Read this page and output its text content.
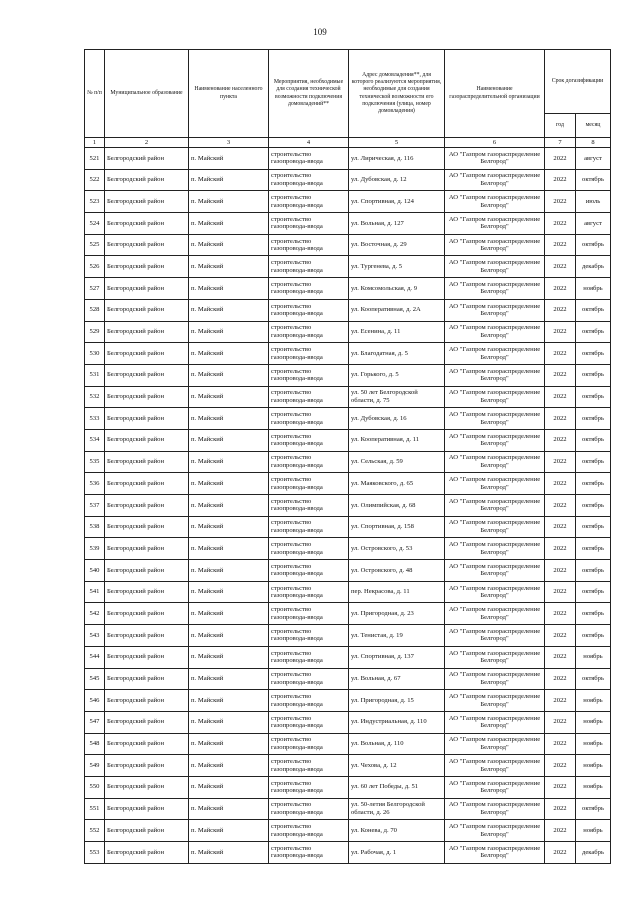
109
№ п/п	Муниципальное образование	Наименование населенного пункта	Мероприятия, необходимые для создания технической возможности подключения домовладений**	Адрес домовладения**, для которого реализуются мероприятия, необходимые для создания технической возможности его подключения (улица, номер домовладения)	Наименование газораспределительной организации	Срок догазификации	
						год	месяц
1	2	3	4	5	6	7	8
521	Белгородский район	п. Майский	строительство газопровода-ввода	ул. Лирическая, д. 116	АО "Газпром газораспределение Белгород"	2022	август
522	Белгородский район	п. Майский	строительство газопровода-ввода	ул. Дубовская, д. 12	АО "Газпром газораспределение Белгород"	2022	октябрь
523	Белгородский район	п. Майский	строительство газопровода-ввода	ул. Спортивная, д. 124	АО "Газпром газораспределение Белгород"	2022	июль
524	Белгородский район	п. Майский	строительство газопровода-ввода	ул. Вольная, д. 127	АО "Газпром газораспределение Белгород"	2022	август
525	Белгородский район	п. Майский	строительство газопровода-ввода	ул. Восточная, д. 29	АО "Газпром газораспределение Белгород"	2022	октябрь
526	Белгородский район	п. Майский	строительство газопровода-ввода	ул. Тургенева, д. 5	АО "Газпром газораспределение Белгород"	2022	декабрь
527	Белгородский район	п. Майский	строительство газопровода-ввода	ул. Комсомольская, д. 9	АО "Газпром газораспределение Белгород"	2022	ноябрь
528	Белгородский район	п. Майский	строительство газопровода-ввода	ул. Кооперативная, д. 2А	АО "Газпром газораспределение Белгород"	2022	октябрь
529	Белгородский район	п. Майский	строительство газопровода-ввода	ул. Есенина, д. 11	АО "Газпром газораспределение Белгород"	2022	октябрь
530	Белгородский район	п. Майский	строительство газопровода-ввода	ул. Благодатная, д. 5	АО "Газпром газораспределение Белгород"	2022	октябрь
531	Белгородский район	п. Майский	строительство газопровода-ввода	ул. Горького, д. 5	АО "Газпром газораспределение Белгород"	2022	октябрь
532	Белгородский район	п. Майский	строительство газопровода-ввода	ул. 50 лет Белгородской области, д. 75	АО "Газпром газораспределение Белгород"	2022	октябрь
533	Белгородский район	п. Майский	строительство газопровода-ввода	ул. Дубовская, д. 16	АО "Газпром газораспределение Белгород"	2022	октябрь
534	Белгородский район	п. Майский	строительство газопровода-ввода	ул. Кооперативная, д. 11	АО "Газпром газораспределение Белгород"	2022	октябрь
535	Белгородский район	п. Майский	строительство газопровода-ввода	ул. Сельская, д. 59	АО "Газпром газораспределение Белгород"	2022	октябрь
536	Белгородский район	п. Майский	строительство газопровода-ввода	ул. Маяковского, д. 65	АО "Газпром газораспределение Белгород"	2022	октябрь
537	Белгородский район	п. Майский	строительство газопровода-ввода	ул. Олимпийская, д. 68	АО "Газпром газораспределение Белгород"	2022	октябрь
538	Белгородский район	п. Майский	строительство газопровода-ввода	ул. Спортивная, д. 158	АО "Газпром газораспределение Белгород"	2022	октябрь
539	Белгородский район	п. Майский	строительство газопровода-ввода	ул. Островского, д. 53	АО "Газпром газораспределение Белгород"	2022	октябрь
540	Белгородский район	п. Майский	строительство газопровода-ввода	ул. Островского, д. 48	АО "Газпром газораспределение Белгород"	2022	октябрь
541	Белгородский район	п. Майский	строительство газопровода-ввода	пер. Некрасова, д. 11	АО "Газпром газораспределение Белгород"	2022	октябрь
542	Белгородский район	п. Майский	строительство газопровода-ввода	ул. Пригородная, д. 23	АО "Газпром газораспределение Белгород"	2022	октябрь
543	Белгородский район	п. Майский	строительство газопровода-ввода	ул. Тенистая, д. 19	АО "Газпром газораспределение Белгород"	2022	октябрь
544	Белгородский район	п. Майский	строительство газопровода-ввода	ул. Спортивная, д. 137	АО "Газпром газораспределение Белгород"	2022	ноябрь
545	Белгородский район	п. Майский	строительство газопровода-ввода	ул. Вольная, д. 67	АО "Газпром газораспределение Белгород"	2022	октябрь
546	Белгородский район	п. Майский	строительство газопровода-ввода	ул. Пригородная, д. 15	АО "Газпром газораспределение Белгород"	2022	ноябрь
547	Белгородский район	п. Майский	строительство газопровода-ввода	ул. Индустриальная, д. 110	АО "Газпром газораспределение Белгород"	2022	ноябрь
548	Белгородский район	п. Майский	строительство газопровода-ввода	ул. Вольная, д. 110	АО "Газпром газораспределение Белгород"	2022	ноябрь
549	Белгородский район	п. Майский	строительство газопровода-ввода	ул. Чехова, д. 12	АО "Газпром газораспределение Белгород"	2022	ноябрь
550	Белгородский район	п. Майский	строительство газопровода-ввода	ул. 60 лет Победы, д. 51	АО "Газпром газораспределение Белгород"	2022	ноябрь
551	Белгородский район	п. Майский	строительство газопровода-ввода	ул. 50-летия Белгородской области, д. 26	АО "Газпром газораспределение Белгород"	2022	октябрь
552	Белгородский район	п. Майский	строительство газопровода-ввода	ул. Конева, д. 70	АО "Газпром газораспределение Белгород"	2022	ноябрь
553	Белгородский район	п. Майский	строительство газопровода-ввода	ул. Рабочая, д. 1	АО "Газпром газораспределение Белгород"	2022	декабрь
